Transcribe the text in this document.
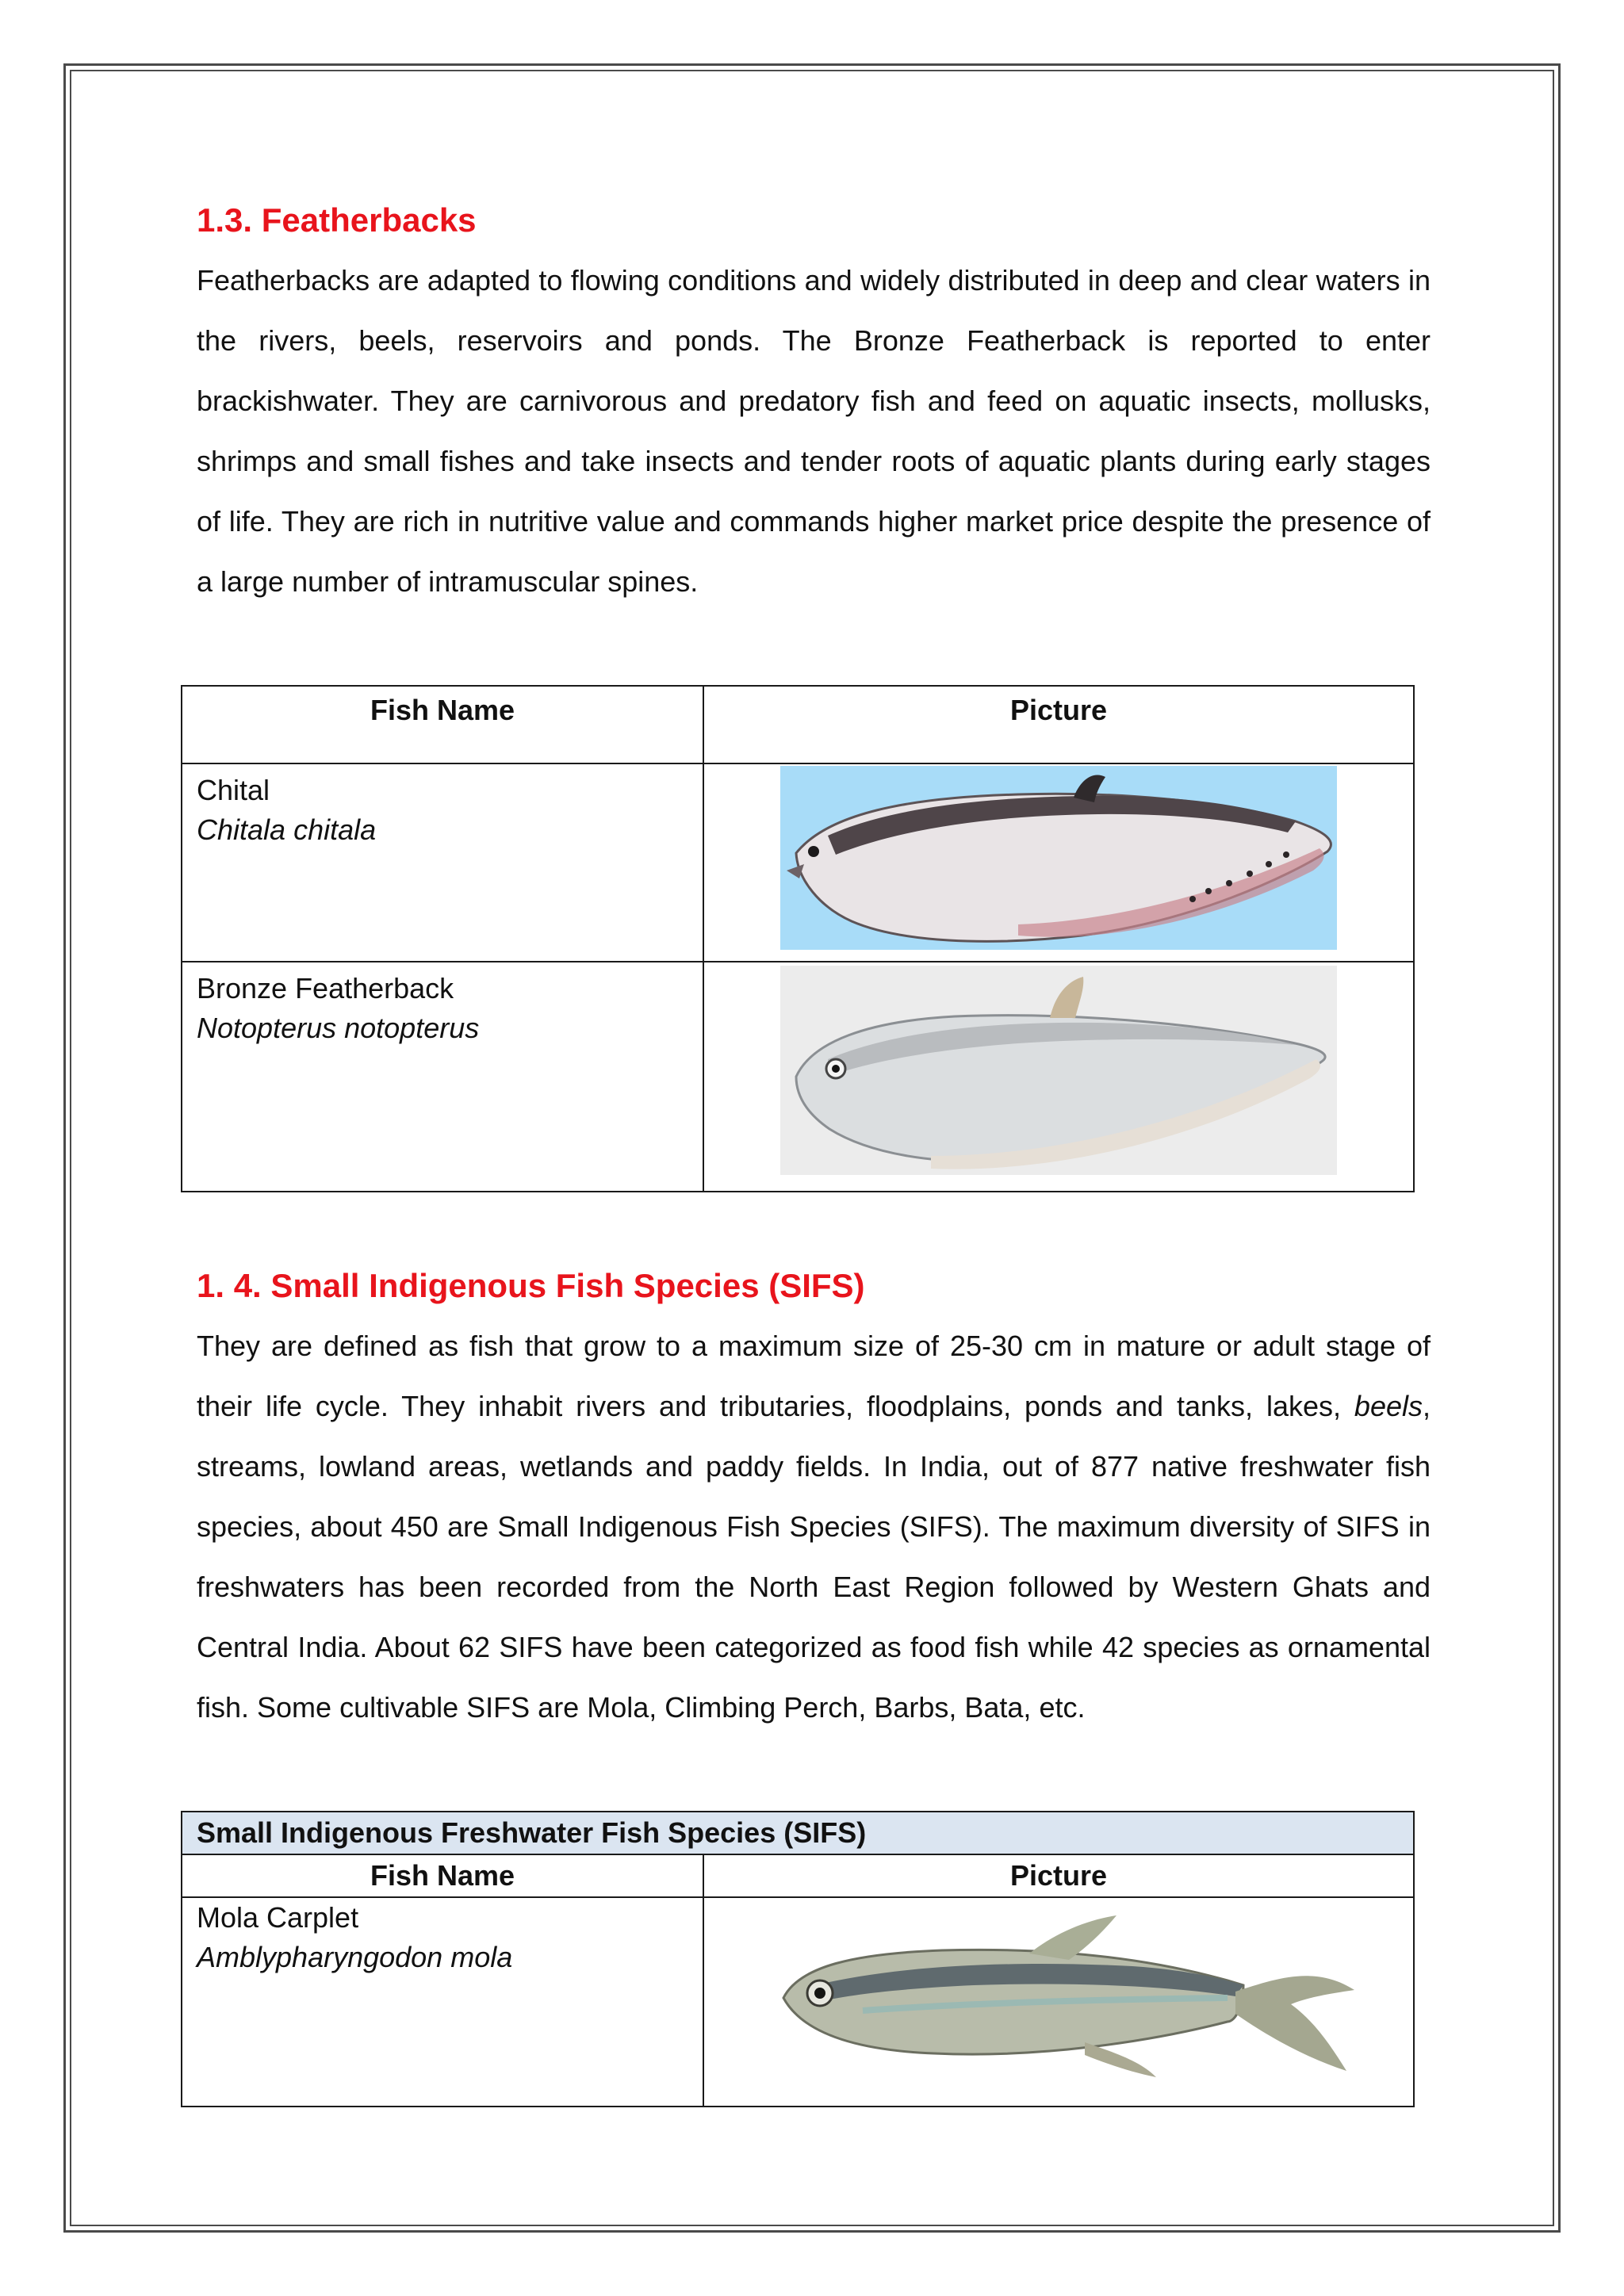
1.3. Featherbacks

Featherbacks are adapted to flowing conditions and widely distributed in deep and clear waters in the rivers, beels, reservoirs and ponds. The Bronze Featherback is reported to enter brackishwater. They are carnivorous and predatory fish and feed on aquatic insects, mollusks, shrimps and small fishes and take insects and tender roots of aquatic plants during early stages of life. They are rich in nutritive value and commands higher market price despite the presence of a large number of intramuscular spines.

Fish Name	Picture
Chital
Chitala chitala

Bronze Featherback
Notopterus notopterus

1. 4. Small Indigenous Fish Species (SIFS)

They are defined as fish that grow to a maximum size of 25-30 cm in mature or adult stage of their life cycle. They inhabit rivers and tributaries, floodplains, ponds and tanks, lakes, beels, streams, lowland areas, wetlands and paddy fields. In India, out of 877 native freshwater fish species, about 450 are Small Indigenous Fish Species (SIFS). The maximum diversity of SIFS in freshwaters has been recorded from the North East Region followed by Western Ghats and Central India. About 62 SIFS have been categorized as food fish while 42 species as ornamental fish. Some cultivable SIFS are Mola, Climbing Perch, Barbs, Bata, etc.

Small Indigenous Freshwater Fish Species (SIFS)	
Fish Name	Picture
Mola Carplet
Amblypharyngodon mola
